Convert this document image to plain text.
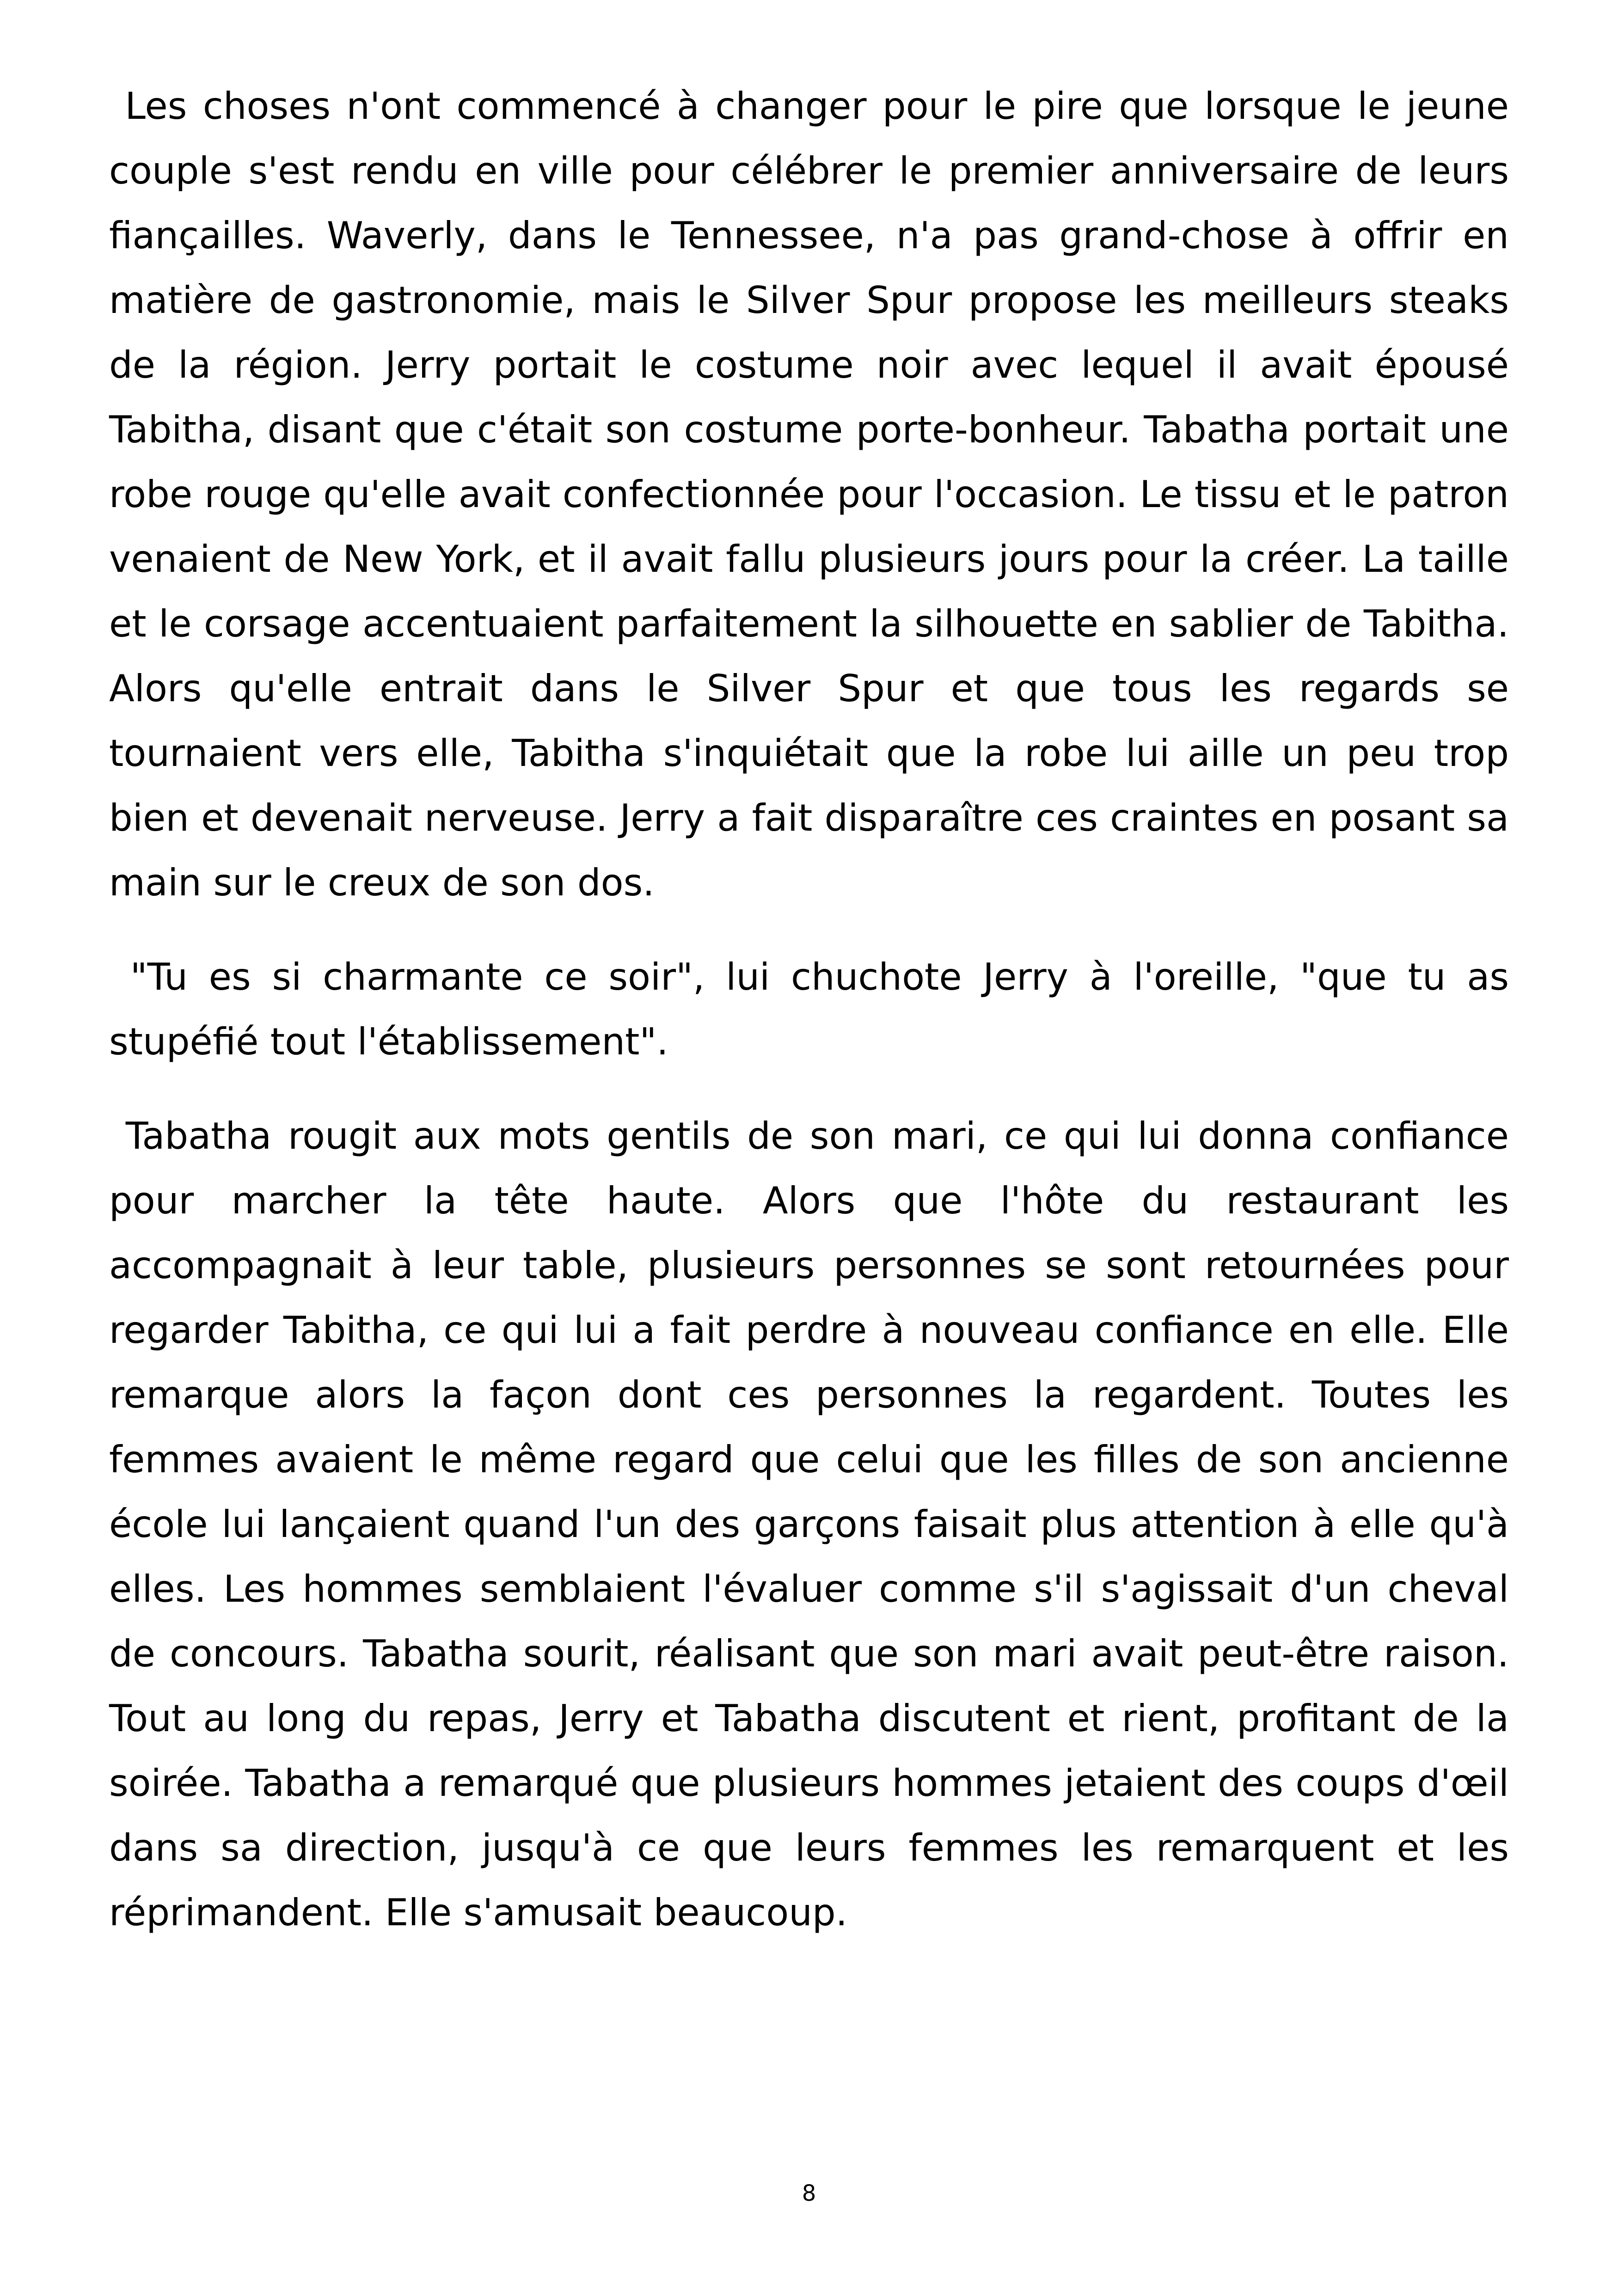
Les choses n'ont commencé à changer pour le pire que lorsque le jeune couple s'est rendu en ville pour célébrer le premier anniversaire de leurs fiançailles. Waverly, dans le Tennessee, n'a pas grand-chose à offrir en matière de gastronomie, mais le Silver Spur propose les meilleurs steaks de la région. Jerry portait le costume noir avec lequel il avait épousé Tabitha, disant que c'était son costume porte-bonheur. Tabatha portait une robe rouge qu'elle avait confectionnée pour l'occasion. Le tissu et le patron venaient de New York, et il avait fallu plusieurs jours pour la créer. La taille et le corsage accentuaient parfaitement la silhouette en sablier de Tabitha. Alors qu'elle entrait dans le Silver Spur et que tous les regards se tournaient vers elle, Tabitha s'inquiétait que la robe lui aille un peu trop bien et devenait nerveuse. Jerry a fait disparaître ces craintes en posant sa main sur le creux de son dos.

"Tu es si charmante ce soir", lui chuchote Jerry à l'oreille, "que tu as stupéfié tout l'établissement".

Tabatha rougit aux mots gentils de son mari, ce qui lui donna confiance pour marcher la tête haute. Alors que l'hôte du restaurant les accompagnait à leur table, plusieurs personnes se sont retournées pour regarder Tabitha, ce qui lui a fait perdre à nouveau confiance en elle. Elle remarque alors la façon dont ces personnes la regardent. Toutes les femmes avaient le même regard que celui que les filles de son ancienne école lui lançaient quand l'un des garçons faisait plus attention à elle qu'à elles. Les hommes semblaient l'évaluer comme s'il s'agissait d'un cheval de concours. Tabatha sourit, réalisant que son mari avait peut-être raison. Tout au long du repas, Jerry et Tabatha discutent et rient, profitant de la soirée. Tabatha a remarqué que plusieurs hommes jetaient des coups d'œil dans sa direction, jusqu'à ce que leurs femmes les remarquent et les réprimandent. Elle s'amusait beaucoup.

8
